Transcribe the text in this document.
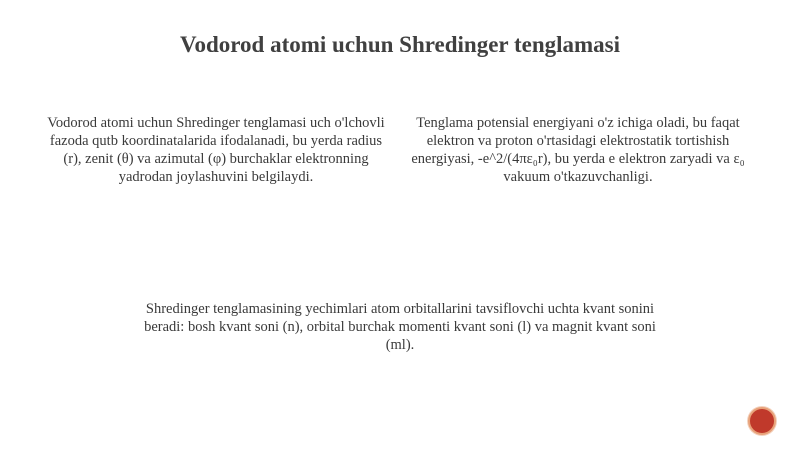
Vodorod atomi uchun Shredinger tenglamasi

Vodorod atomi uchun Shredinger tenglamasi uch o'lchovli fazoda qutb koordinatalarida ifodalanadi, bu yerda radius (r), zenit (θ) va azimutal (φ) burchaklar elektronning yadrodan joylashuvini belgilaydi.

Tenglama potensial energiyani o'z ichiga oladi, bu faqat elektron va proton o'rtasidagi elektrostatik tortishish energiyasi, -e^2/(4πε₀r), bu yerda e elektron zaryadi va ε₀ vakuum o'tkazuvchanligi.

Shredinger tenglamasining yechimlari atom orbitallarini tavsiflovchi uchta kvant sonini beradi: bosh kvant soni (n), orbital burchak momenti kvant soni (l) va magnit kvant soni (ml).
